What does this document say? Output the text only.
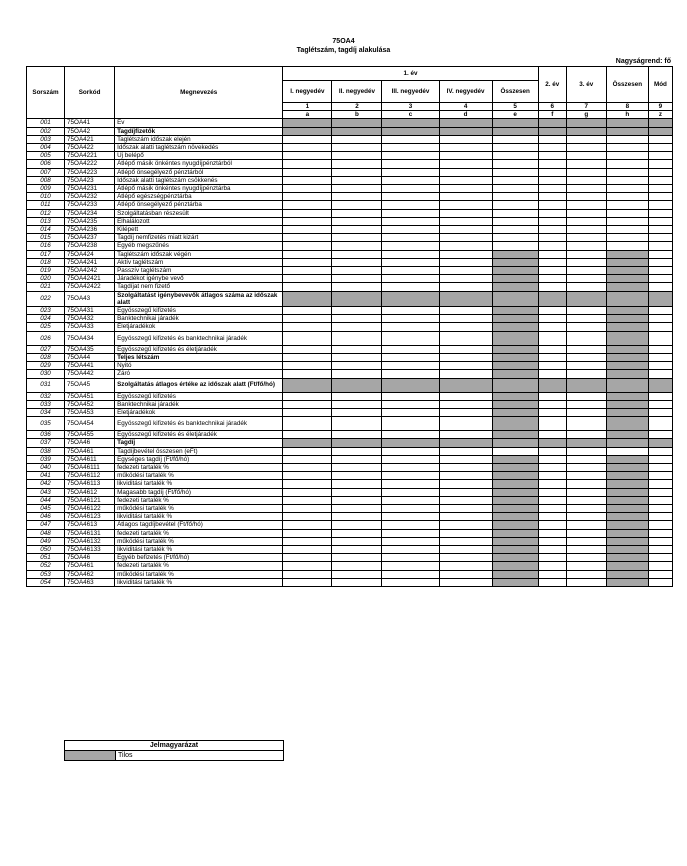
75OA4
Taglétszám, tagdíj alakulása
Nagyságrend: fő
Sorszám	Sorkód	Megnevezés	1. év					2. év	3. év	Összesen	Mód
			I. negyedév	II. negyedév	III. negyedév	IV. negyedév	Összesen				
			1	2	3	4	5	6	7	8	9
			a	b	c	d	e	f	g	h	z
001	75OA41	Év									
002	75OA42	Tagdíjfizetők									
003	75OA421	Taglétszám időszak elején									
004	75OA422	Időszak alatti taglétszám növekedés									
005	75OA4221	Új belépő									
006	75OA4222	Átlépő másik önkéntes nyugdíjpénztárból									
007	75OA4223	Átlépő önsegélyező pénztárból									
008	75OA423	Időszak alatti taglétszám csökkenés									
009	75OA4231	Átlépő másik önkéntes nyugdíjpénztárba									
010	75OA4232	Átlépő egészségpénztárba									
011	75OA4233	Átlépő önsegélyező pénztárba									
012	75OA4234	Szolgáltatásban részesült									
013	75OA4235	Elhalálozott									
014	75OA4236	Kilépett									
015	75OA4237	Tagdíj nemfizetés miatt kizárt									
016	75OA4238	Egyéb megszűnés									
017	75OA424	Taglétszám időszak végén									
018	75OA4241	Aktív taglétszám									
019	75OA4242	Passzív taglétszám									
020	75OA42421	Járadékot igénybe vevő									
021	75OA42422	Tagdíjat nem fizető									
022	75OA43	Szolgáltatást igénybevevők átlagos száma az időszak alatt									
023	75OA431	Egyösszegű kifizetés									
024	75OA432	Banktechnikai járadék									
025	75OA433	Életjáradékok									
026	75OA434	Egyösszegű kifizetés és banktechnikai járadék									
027	75OA435	Egyösszegű kifizetés és életjáradék									
028	75OA44	Teljes létszám									
029	75OA441	Nyitó									
030	75OA442	Záró									
031	75OA45	Szolgáltatás átlagos értéke az időszak alatt (Ft/fő/hó)									
032	75OA451	Egyösszegű kifizetés									
033	75OA452	Banktechnikai járadék									
034	75OA453	Életjáradékok									
035	75OA454	Egyösszegű kifizetés és banktechnikai járadék									
036	75OA455	Egyösszegű kifizetés és életjáradék									
037	75OA46	Tagdíj									
038	75OA461	Tagdíjbevétel összesen (eFt)									
039	75OA4611	Egységes tagdíj (Ft/fő/hó)									
040	75OA46111	fedezeti tartalék %									
041	75OA46112	működési tartalék %									
042	75OA46113	likviditási tartalék %									
043	75OA4612	Magasabb tagdíj (Ft/fő/hó)									
044	75OA46121	fedezeti tartalék %									
045	75OA46122	működési tartalék %									
046	75OA46123	likviditási tartalék %									
047	75OA4613	Átlagos tagdíjbevétel (Ft/fő/hó)									
048	75OA46131	fedezeti tartalék %									
049	75OA46132	működési tartalék %									
050	75OA46133	likviditási tartalék %									
051	75OA46	Egyéb befizetés (Ft/fő/hó)									
052	75OA461	fedezeti tartalék %									
053	75OA462	működési tartalék %									
054	75OA463	likviditási tartalék %									
Jelmagyarázat
	Tilos
